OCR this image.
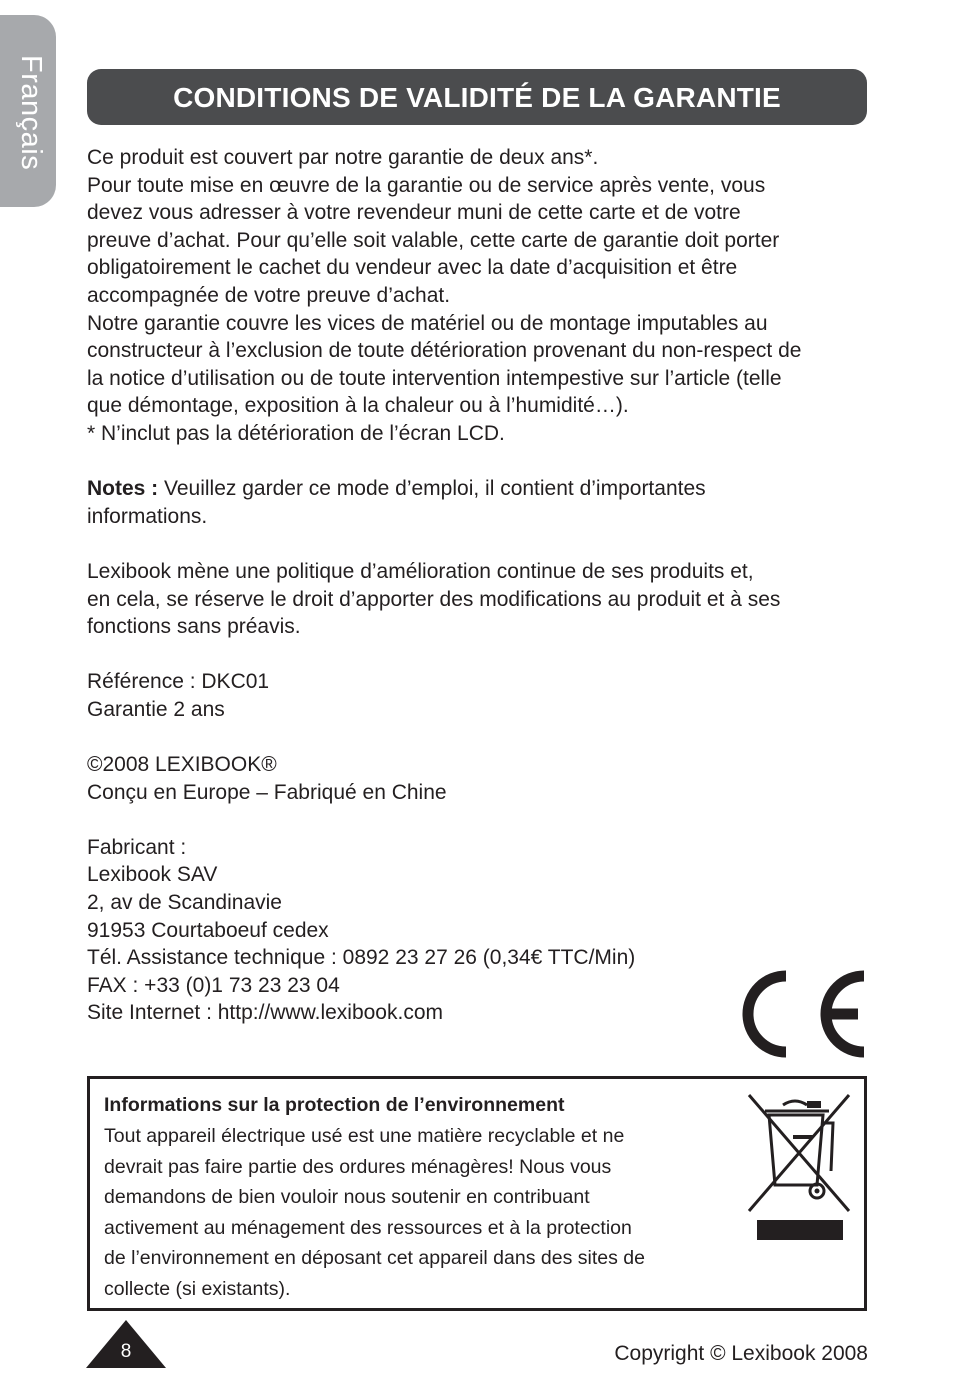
Français	CONDITIONS DE VALIDITÉ DE LA GARANTIE

Ce produit est couvert par notre garantie de deux ans*.

Pour toute mise en œuvre de la garantie ou de service après vente, vous

devez vous adresser à votre revendeur muni de cette carte et de votre

preuve d’achat. Pour qu’elle soit valable, cette carte de garantie doit porter

obligatoirement le cachet du vendeur avec la date d’acquisition et être

accompagnée de votre preuve d’achat.

Notre garantie couvre les vices de matériel ou de montage imputables au

constructeur à l’exclusion de toute détérioration provenant du non-respect de

la notice d’utilisation ou de toute intervention intempestive sur l’article (telle

que démontage, exposition à la chaleur ou à l’humidité…).

* N’inclut pas la détérioration de l’écran LCD.

Notes : Veuillez garder ce mode d’emploi, il contient d’importantes

informations.

Lexibook mène une politique d’amélioration continue de ses produits et,

en cela, se réserve le droit d’apporter des modifications au produit et à ses

fonctions sans préavis.

Référence : DKC01

Garantie 2 ans

©2008 LEXIBOOK®

Conçu en Europe – Fabriqué en Chine

Fabricant :

Lexibook SAV

2, av de Scandinavie

91953 Courtaboeuf cedex

Tél. Assistance technique : 0892 23 27 26 (0,34€ TTC/Min)

FAX : +33 (0)1 73 23 23 04

Site Internet : http://www.lexibook.com

Informations sur la protection de l’environnement

Tout appareil électrique usé est une matière recyclable et ne

devrait pas faire partie des ordures ménagères! Nous vous

demandons de bien vouloir nous soutenir en contribuant

activement au ménagement des ressources et à la protection

de l’environnement en déposant cet appareil dans des sites de

collecte (si existants).

8	Copyright © Lexibook 2008
